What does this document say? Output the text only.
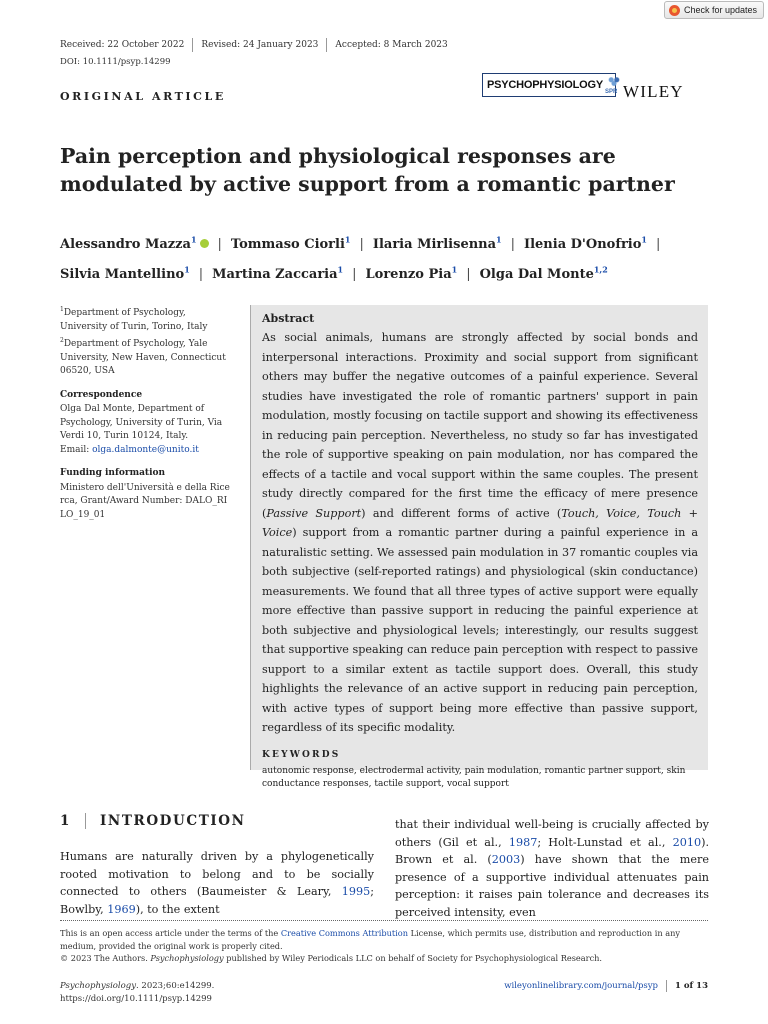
Check for updates
Received: 22 October 2022 Revised: 24 January 2023 Accepted: 8 March 2023
DOI: 10.1111/psyp.14299
ORIGINAL ARTICLE
PSYCHOPHYSIOLOGY
SPR WILEY
Pain perception and physiological responses are modulated by active support from a romantic partner
Alessandro Mazza$^1$ | Tommaso Ciorli$^1$ | Ilaria Mirlisenna$^1$ | Ilenia D'Onofrio$^1$ |
Silvia Mantellino$^1$ | Martina Zaccaria$^1$ | Lorenzo Pia$^1$ | Olga Dal Monte$^{1,2}$
$^1$Department of Psychology, University of Turin, Torino, Italy
$^2$Department of Psychology, Yale University, New Haven, Connecticut 06520, USA
Correspondence
Olga Dal Monte, Department of Psychology, University of Turin, Via Verdi 10, Turin 10124, Italy.
Email: olga.dalmonte@unito.it
Funding information
Ministero dell'Università e della Ricerca, Grant/Award Number: DALO_RILO_19_01
Abstract

As social animals, humans are strongly affected by social bonds and interpersonal interactions. Proximity and social support from significant others may buffer the negative outcomes of a painful experience. Several studies have investigated the role of romantic partners' support in pain modulation, mostly focusing on tactile support and showing its effectiveness in reducing pain perception. Nevertheless, no study so far has investigated the role of supportive speaking on pain modulation, nor has compared the effects of a tactile and vocal support within the same couples. The present study directly compared for the first time the efficacy of mere presence (Passive Support) and different forms of active (Touch, Voice, Touch + Voice) support from a romantic partner during a painful experience in a naturalistic setting. We assessed pain modulation in 37 romantic couples via both subjective (self-reported ratings) and physiological (skin conductance) measurements. We found that all three types of active support were equally more effective than passive support in reducing the painful experience at both subjective and physiological levels; interestingly, our results suggest that supportive speaking can reduce pain perception with respect to passive support to a similar extent as tactile support does. Overall, this study highlights the relevance of an active support in reducing pain perception, with active types of support being more effective than passive support, regardless of its specific modality.

KEYWORDS
autonomic response, electrodermal activity, pain modulation, romantic partner support, skin conductance responses, tactile support, vocal support
1 INTRODUCTION
Humans are naturally driven by a phylogenetically rooted motivation to belong and to be socially connected to others (Baumeister & Leary, 1995; Bowlby, 1969), to the extent
that their individual well-being is crucially affected by others (Gil et al., 1987; Holt-Lunstad et al., 2010). Brown et al. (2003) have shown that the mere presence of a supportive individual attenuates pain perception: it raises pain tolerance and decreases its perceived intensity, even
This is an open access article under the terms of the Creative Commons Attribution License, which permits use, distribution and reproduction in any medium, provided the original work is properly cited.
© 2023 The Authors. Psychophysiology published by Wiley Periodicals LLC on behalf of Society for Psychophysiological Research.
Psychophysiology. 2023;60:e14299.
https://doi.org/10.1111/psyp.14299
wileyonlinelibrary.com/journal/psyp 1 of 13
